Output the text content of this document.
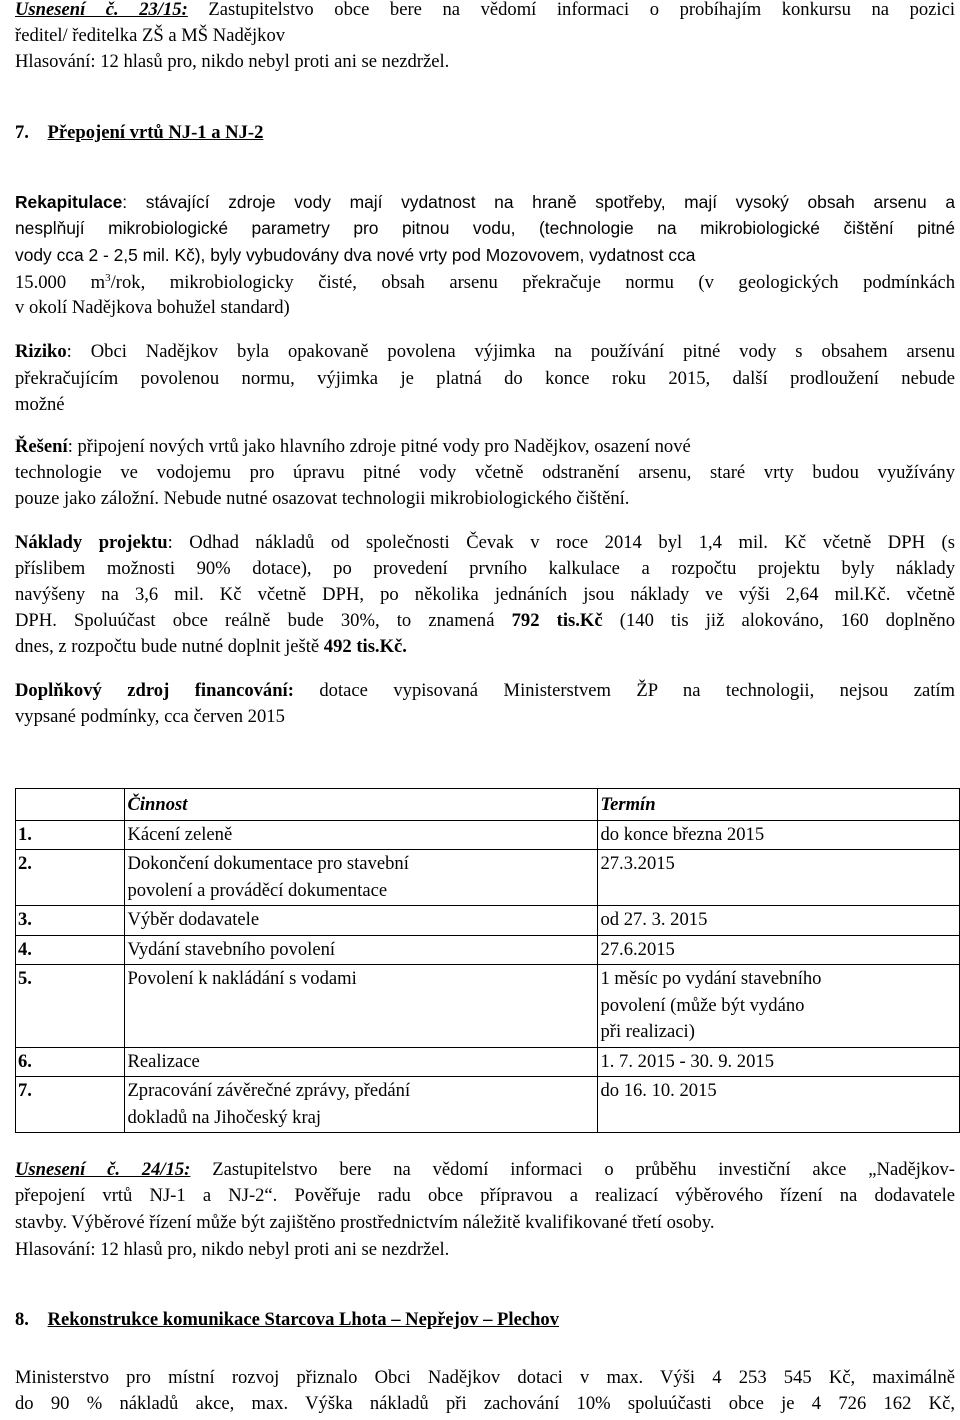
Usnesení č. 23/15: Zastupitelstvo obce bere na vědomí informaci o probíhajím konkursu na pozici
ředitel/ ředitelka ZŠ a MŠ Nadějkov
Hlasování: 12 hlasů pro, nikdo nebyl proti ani se nezdržel.
7. Přepojení vrtů NJ-1 a NJ-2
Rekapitulace: stávající zdroje vody mají vydatnost na hraně spotřeby, mají vysoký obsah arsenu a
nesplňují mikrobiologické parametry pro pitnou vodu, (technologie na mikrobiologické čištění pitné
vody cca 2 - 2,5 mil. Kč), byly vybudovány dva nové vrty pod Mozovovem, vydatnost cca
15.000 $m^3$/rok, mikrobiologicky čisté, obsah arsenu překračuje normu (v geologických podmínkách
v okolí Nadějkova bohužel standard)
Riziko: Obci Nadějkov byla opakovaně povolena výjimka na používání pitné vody s obsahem arsenu
překračujícím povolenou normu, výjimka je platná do konce roku 2015, další prodloužení nebude
možné
Řešení: připojení nových vrtů jako hlavního zdroje pitné vody pro Nadějkov, osazení nové
technologie ve vodojemu pro úpravu pitné vody včetně odstranění arsenu, staré vrty budou využívány
pouze jako záložní. Nebude nutné osazovat technologii mikrobiologického čištění.
Náklady projektu: Odhad nákladů od společnosti Čevak v roce 2014 byl 1,4 mil. Kč včetně DPH (s
příslibem možnosti 90% dotace), po provedení prvního kalkulace a rozpočtu projektu byly náklady
navýšeny na 3,6 mil. Kč včetně DPH, po několika jednáních jsou náklady ve výši 2,64 mil.Kč. včetně
DPH. Spoluúčast obce reálně bude 30%, to znamená 792 tis.Kč (140 tis již alokováno, 160 doplněno
dnes, z rozpočtu bude nutné doplnit ještě 492 tis.Kč.
Doplňkový zdroj financování: dotace vypisovaná Ministerstvem ŽP na technologii, nejsou zatím
vypsané podmínky, cca červen 2015

	Činnost	Termín

1.	Kácení zeleně	do konce března 2015

2.	Dokončení dokumentace pro stavební
povolení a prováděcí dokumentace	27.3.2015

3.	Výběr dodavatele	od 27. 3. 2015

4.	Vydání stavebního povolení	27.6.2015

5.	Povolení k nakládání s vodami	1 měsíc po vydání stavebního
povolení (může být vydáno
při realizaci)

6.	Realizace	1. 7. 2015 - 30. 9. 2015

7.	Zpracování závěrečné zprávy, předání
dokladů na Jihočeský kraj	do 16. 10. 2015
Usnesení č. 24/15: Zastupitelstvo bere na vědomí informaci o průběhu investiční akce „Nadějkov-
přepojení vrtů NJ-1 a NJ-2“. Pověřuje radu obce přípravou a realizací výběrového řízení na dodavatele
stavby. Výběrové řízení může být zajištěno prostřednictvím náležitě kvalifikované třetí osoby.
Hlasování: 12 hlasů pro, nikdo nebyl proti ani se nezdržel.
8. Rekonstrukce komunikace Starcova Lhota – Nepřejov – Plechov
Ministerstvo pro místní rozvoj přiznalo Obci Nadějkov dotaci v max. Výši 4 253 545 Kč, maximálně
do 90 % nákladů akce, max. Výška nákladů při zachování 10% spoluúčasti obce je 4 726 162 Kč,
